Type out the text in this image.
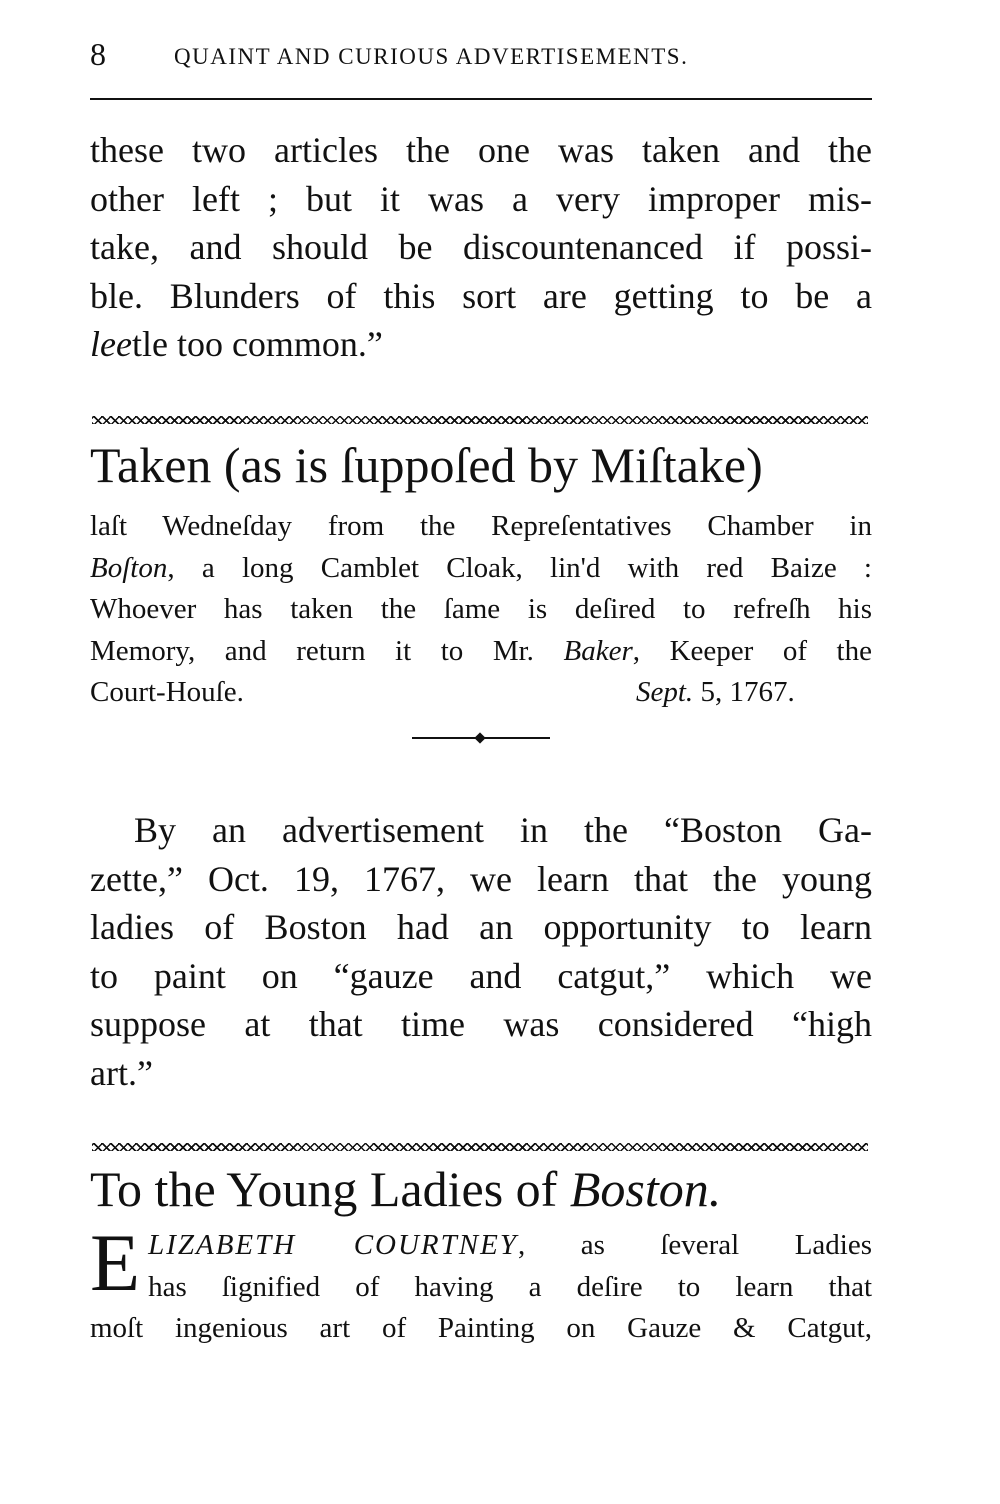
8	QUAINT AND CURIOUS ADVERTISEMENTS.
these two articles the one was taken and the
other left ; but it was a very improper mis-
take, and should be discountenanced if possi-
ble. Blunders of this sort are getting to be a
leetle too common.”
Taken (as is ſuppoſed by Miſtake)
laſt Wedneſday from the Repreſentatives Chamber in
Boſton, a long Camblet Cloak, lin'd with red Baize :
Whoever has taken the ſame is deſired to refreſh his
Memory, and return it to Mr. Baker, Keeper of the
Court-Houſe.	Sept. 5, 1767.
By an advertisement in the “Boston Ga-
zette,” Oct. 19, 1767, we learn that the young
ladies of Boston had an opportunity to learn
to paint on “gauze and catgut,” which we
suppose at that time was considered “high
art.”
To the Young Ladies of Boston.
E LIZABETH COURTNEY, as ſeveral Ladies
has ſignified of having a deſire to learn that
moſt ingenious art of Painting on Gauze & Catgut,
